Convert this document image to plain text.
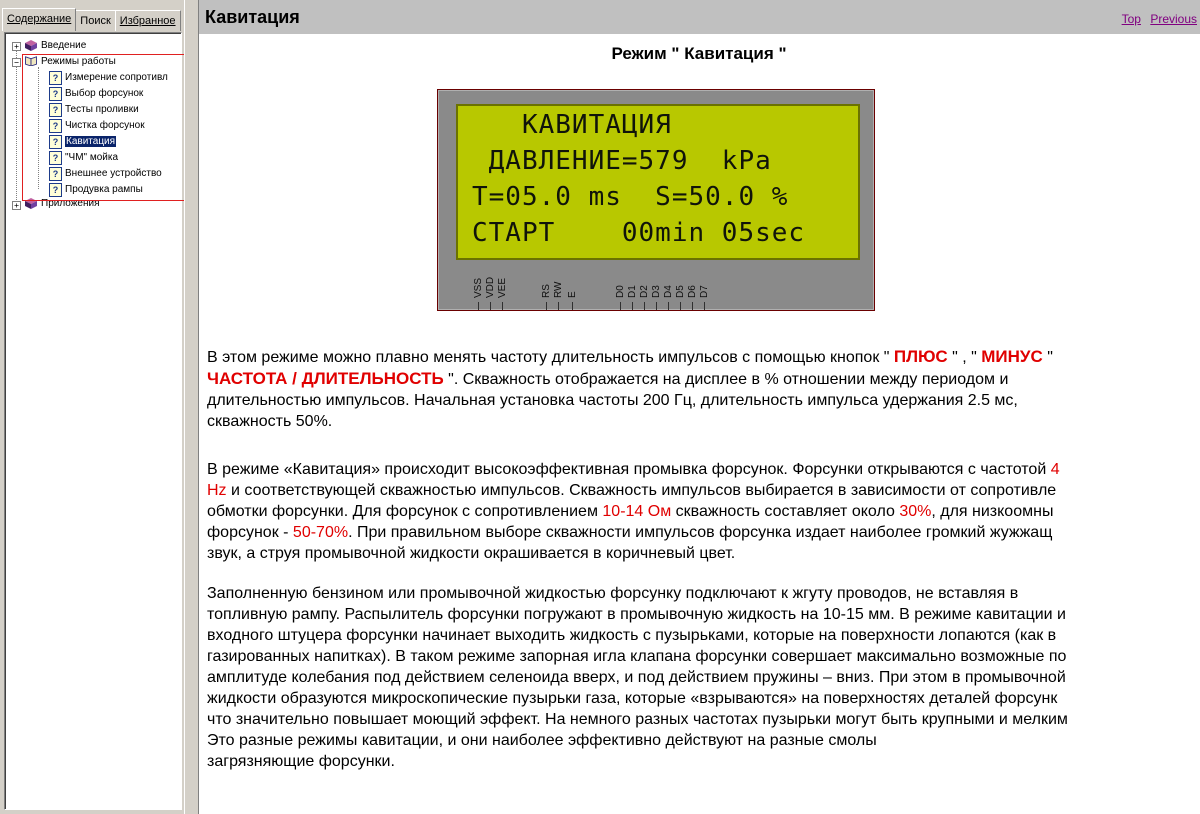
Содержание Поиск Избранное
+ Введение
− Режимы работы
? Измерение сопротивл
? Выбор форсунок
? Тесты проливки
? Чистка форсунок
? Кавитация
? "ЧМ" мойка
? Внешнее устройство
? Продувка рампы
+ Приложения
Кавитация	Top Previous
Режим " Кавитация "
КАВИТАЦИЯ
ДАВЛЕНИЕ=579  kPa
T=05.0 ms  S=50.0 %
СТАРТ    00min 05sec
VSS VDD VEE	RS RW E	D0 D1 D2 D3 D4 D5 D6 D7
В этом режиме можно плавно менять частоту длительность импульсов с помощью кнопок " ПЛЮС " , " МИНУС "
ЧАСТОТА / ДЛИТЕЛЬНОСТЬ ". Скважность отображается на дисплее в % отношении между периодом и
длительностью импульсов. Начальная установка частоты 200 Гц, длительность импульса удержания 2.5 мс,
скважность 50%.
В режиме «Кавитация» происходит высокоэффективная промывка форсунок. Форсунки открываются с частотой 4
Hz и соответствующей скважностью импульсов. Скважность импульсов выбирается в зависимости от сопротивле
обмотки форсунки. Для форсунок с сопротивлением 10-14 Ом скважность составляет около 30%, для низкоомны
форсунок - 50-70%. При правильном выборе скважности импульсов форсунка издает наиболее громкий жужжащ
звук, а струя промывочной жидкости окрашивается в коричневый цвет.
Заполненную бензином или промывочной жидкостью форсунку подключают к жгуту проводов, не вставляя в
топливную рампу. Распылитель форсунки погружают в промывочную жидкость на 10-15 мм. В режиме кавитации и
входного штуцера форсунки начинает выходить жидкость с пузырьками, которые на поверхности лопаются (как в
газированных напитках). В таком режиме запорная игла клапана форсунки совершает максимально возможные по
амплитуде колебания под действием селеноида вверх, и под действием пружины – вниз. При этом в промывочной
жидкости образуются микроскопические пузырьки газа, которые «взрываются» на поверхностях деталей форсунк
что значительно повышает моющий эффект. На немного разных частотах пузырьки могут быть крупными и мелким
Это разные режимы кавитации, и они наиболее эффективно действуют на разные смолы
загрязняющие форсунки.
